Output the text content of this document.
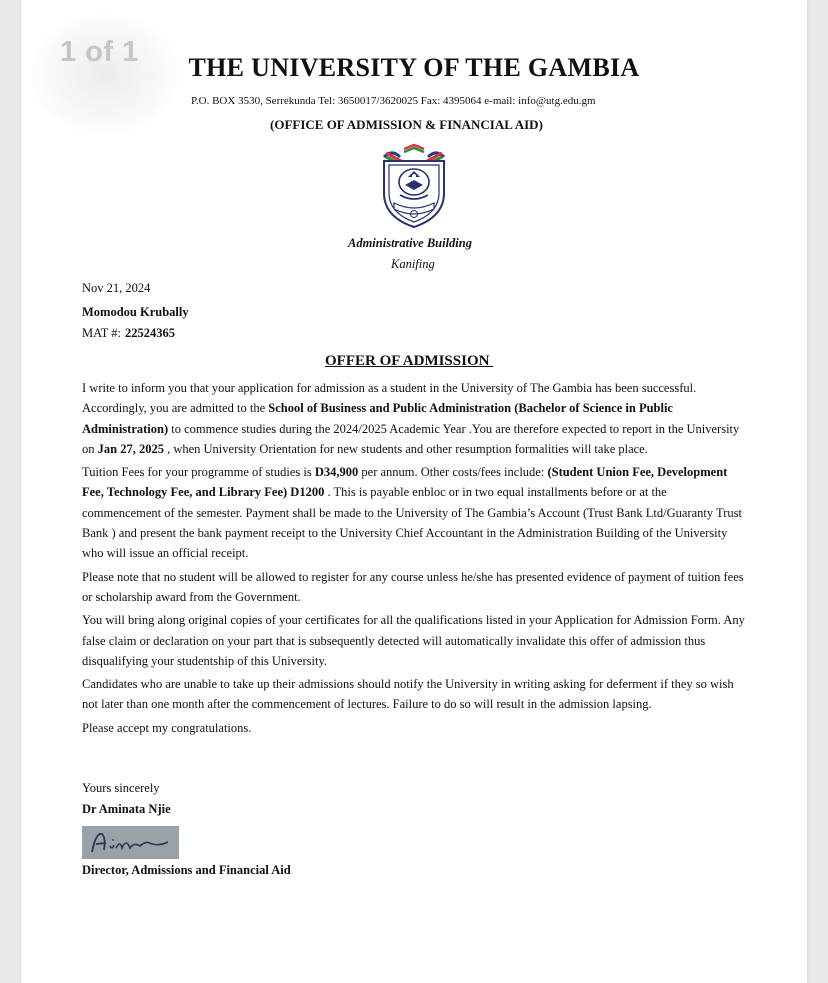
1 of 1	THE UNIVERSITY OF THE GAMBIA
P.O. BOX 3530, Serrekunda Tel: 3650017/3620025 Fax: 4395064 e-mail: info@utg.edu.gm
(OFFICE OF ADMISSION & FINANCIAL AID)
Administrative Building
Kanifing
Nov 21, 2024
Momodou Krubally
MAT #: 22524365
OFFER OF ADMISSION

I write to inform you that your application for admission as a student in the University of The Gambia has been successful. Accordingly, you are admitted to the School of Business and Public Administration (Bachelor of Science in Public Administration) to commence studies during the 2024/2025 Academic Year .You are therefore expected to report in the University on Jan 27, 2025 , when University Orientation for new students and other resumption formalities will take place.

Tuition Fees for your programme of studies is D34,900 per annum. Other costs/fees include: (Student Union Fee, Development Fee, Technology Fee, and Library Fee) D1200 . This is payable enbloc or in two equal installments before or at the commencement of the semester. Payment shall be made to the University of The Gambia’s Account (Trust Bank Ltd/Guaranty Trust Bank ) and present the bank payment receipt to the University Chief Accountant in the Administration Building of the University who will issue an official receipt.

Please note that no student will be allowed to register for any course unless he/she has presented evidence of payment of tuition fees or scholarship award from the Government.

You will bring along original copies of your certificates for all the qualifications listed in your Application for Admission Form. Any false claim or declaration on your part that is subsequently detected will automatically invalidate this offer of admission thus disqualifying your studentship of this University.

Candidates who are unable to take up their admissions should notify the University in writing asking for deferment if they so wish not later than one month after the commencement of lectures. Failure to do so will result in the admission lapsing.

Please accept my congratulations.

Yours sincerely
Dr Aminata Njie
Director, Admissions and Financial Aid
